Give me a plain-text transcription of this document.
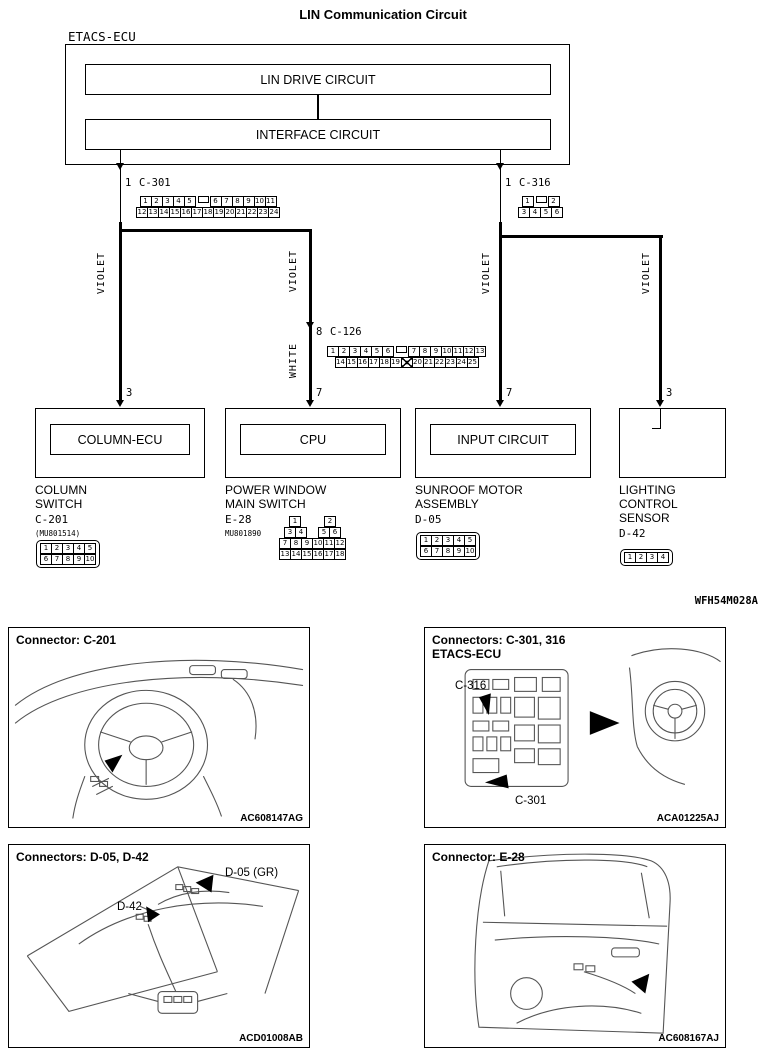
LIN Communication Circuit
ETACS-ECU
LIN DRIVE CIRCUIT
INTERFACE CIRCUIT
1 C-301
1 2 3 4 5	6 7 8 9 10 11
12 13 14 15 16 17 18 19 20 21 22 23 24
1 C-316
1	2
3 4 5 6
VIOLET	VIOLET
WHITE
VIOLET	VIOLET
8 C-126
1 2 3 4 5 6	7 8 9 10 11 12 13
14 15 16 17 18 19 20 21 22 23 24 25
3	7	7	3
COLUMN-ECU	CPU	INPUT CIRCUIT
COLUMN
SWITCH
C-201
(MU801514)
1 2 3 4 5
6 7 8 9 10
POWER WINDOW
MAIN SWITCH
E-28
MU801890
1	2
3 4	5 6
7 8 9 10 11 12
13 14 15 16 17 18
SUNROOF MOTOR
ASSEMBLY
D-05
1 2 3 4 5
6 7 8 9 10
LIGHTING
CONTROL
SENSOR
D-42
1 2 3 4
WFH54M028A
Connector: C-201
AC608147AG
Connectors: C-301, 316
ETACS-ECU
C-316
C-301
ACA01225AJ
Connectors: D-05, D-42
D-05 (GR)
D-42
ACD01008AB
Connector: E-28
AC608167AJ
